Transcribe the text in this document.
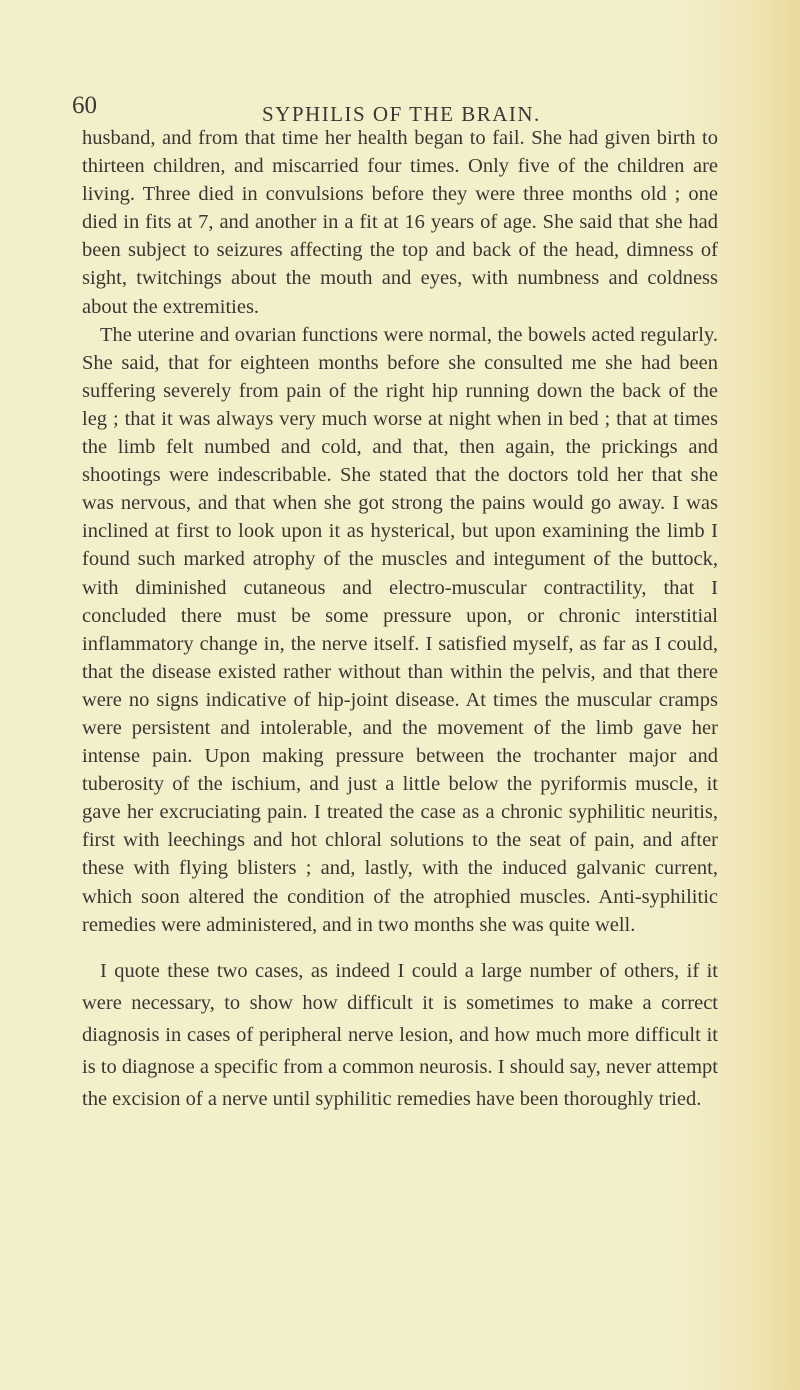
60	SYPHILIS OF THE BRAIN.

husband, and from that time her health began to fail. She had given birth to thirteen children, and miscarried four times. Only five of the children are living. Three died in convulsions before they were three months old ; one died in fits at 7, and another in a fit at 16 years of age. She said that she had been subject to seizures affecting the top and back of the head, dimness of sight, twitchings about the mouth and eyes, with numbness and coldness about the extremities.

The uterine and ovarian functions were normal, the bowels acted regularly. She said, that for eighteen months before she consulted me she had been suffering severely from pain of the right hip running down the back of the leg ; that it was always very much worse at night when in bed ; that at times the limb felt numbed and cold, and that, then again, the prickings and shootings were indescribable. She stated that the doctors told her that she was nervous, and that when she got strong the pains would go away. I was inclined at first to look upon it as hysterical, but upon examining the limb I found such marked atrophy of the muscles and integument of the buttock, with diminished cutaneous and electro-muscular contractility, that I concluded there must be some pressure upon, or chronic interstitial inflammatory change in, the nerve itself. I satisfied myself, as far as I could, that the disease existed rather without than within the pelvis, and that there were no signs indicative of hip-joint disease. At times the muscular cramps were persistent and intolerable, and the movement of the limb gave her intense pain. Upon making pressure between the trochanter major and tuberosity of the ischium, and just a little below the pyriformis muscle, it gave her excruciating pain. I treated the case as a chronic syphilitic neuritis, first with leechings and hot chloral solutions to the seat of pain, and after these with flying blisters ; and, lastly, with the induced galvanic current, which soon altered the condition of the atrophied muscles. Anti-syphilitic remedies were administered, and in two months she was quite well.

I quote these two cases, as indeed I could a large number of others, if it were necessary, to show how difficult it is sometimes to make a correct diagnosis in cases of peripheral nerve lesion, and how much more difficult it is to diagnose a specific from a common neurosis. I should say, never attempt the excision of a nerve until syphilitic remedies have been thoroughly tried.
